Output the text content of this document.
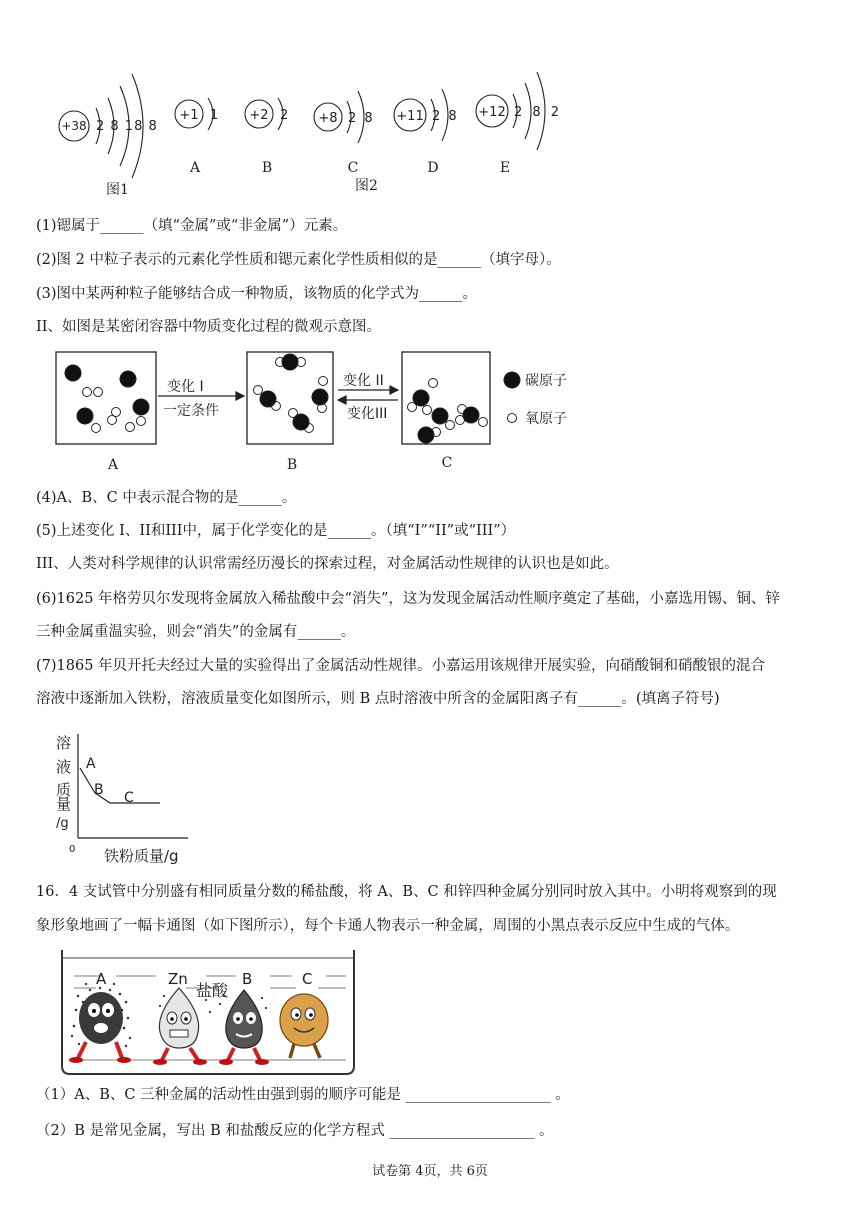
+38 2 8 18 8
图1
+1 1
A
+2 2
B
+8 2 8
C
图2
+11 2 8
D
+12 2 8 2
E
(1)锶属于______（填“金属”或“非金属”）元素。
(2)图 2 中粒子表示的元素化学性质和锶元素化学性质相似的是______（填字母）。
(3)图中某两种粒子能够结合成一种物质，该物质的化学式为______。
II、如图是某密闭容器中物质变化过程的微观示意图。
变化 I
一定条件
变化 II
变化III
碳原子
氧原子
A	B	C
(4)A、B、C 中表示混合物的是______。
(5)上述变化 I、II和III中，属于化学变化的是______。（填“I”“II”或“III”）
III、人类对科学规律的认识常需经历漫长的探索过程，对金属活动性规律的认识也是如此。
(6)1625 年格劳贝尔发现将金属放入稀盐酸中会“消失”，这为发现金属活动性顺序奠定了基础，小嘉选用锡、铜、锌
三种金属重温实验，则会“消失”的金属有______。
(7)1865 年贝开托夫经过大量的实验得出了金属活动性规律。小嘉运用该规律开展实验，向硝酸铜和硝酸银的混合
溶液中逐渐加入铁粉，溶液质量变化如图所示，则 B 点时溶液中所含的金属阳离子有______。(填离子符号)
溶
液
质
量
/g
A
B C
0 铁粉质量/g
16．4 支试管中分别盛有相同质量分数的稀盐酸，将 A、B、C 和锌四种金属分别同时放入其中。小明将观察到的现
象形象地画了一幅卡通图（如下图所示），每个卡通人物表示一种金属，周围的小黑点表示反应中生成的气体。
A	Zn
盐酸
B	C
（1）A、B、C 三种金属的活动性由强到弱的顺序可能是 ____________________ 。
（2）B 是常见金属，写出 B 和盐酸反应的化学方程式 ____________________ 。
试卷第 4页，共 6页
